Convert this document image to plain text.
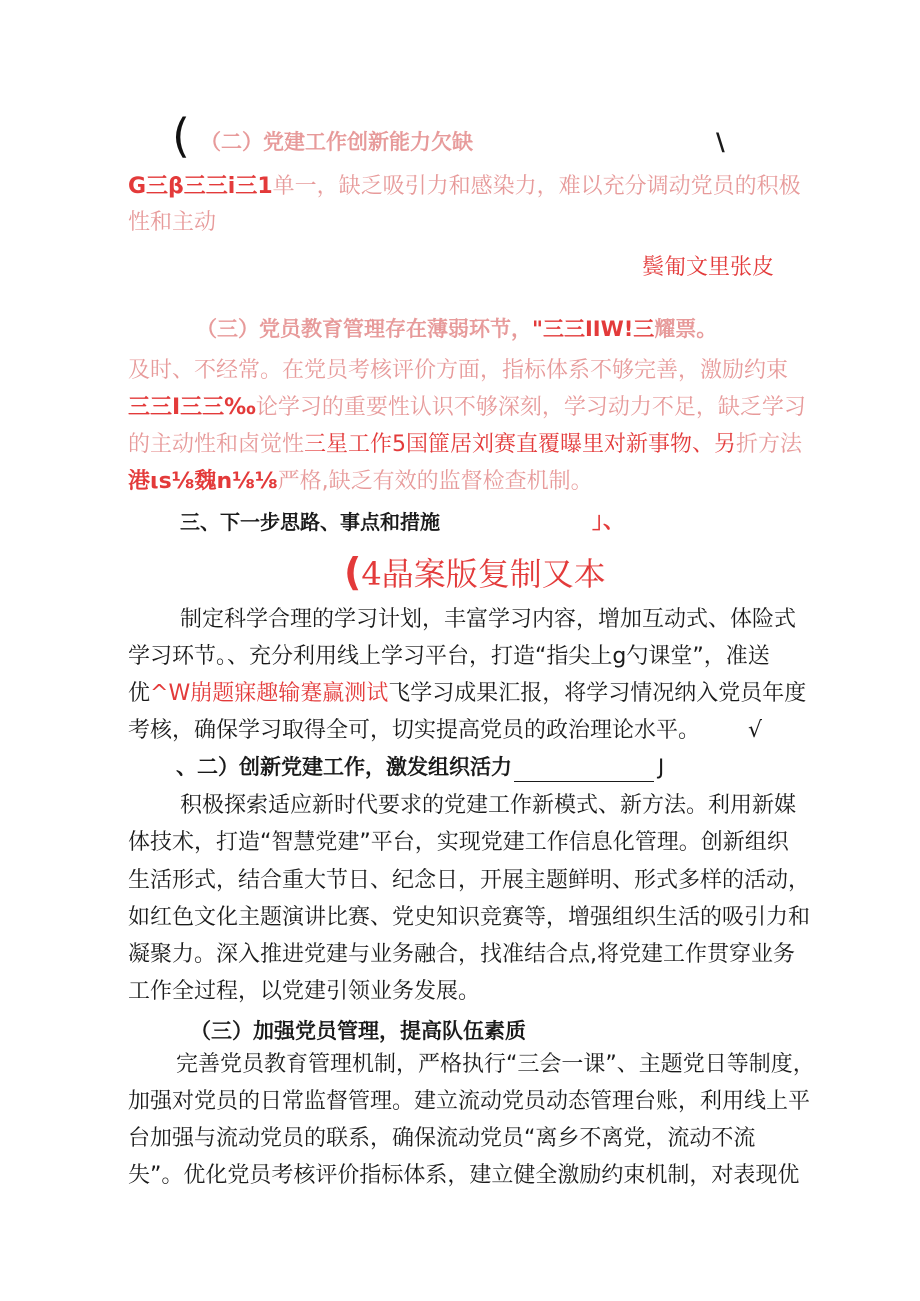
( （二）党建工作创新能力欠缺	\
G三β三三i三1单一，缺乏吸引力和感染力，难以充分调动党员的积极
性和主动
鬓匍文里张皮
（三）党员教育管理存在薄弱环节，"三三IIW!三耀票。
及时、不经常。在党员考核评价方面，指标体系不够完善，激励约束
三三I三三‰论学习的重要性认识不够深刻，学习动力不足，缺乏学习
的主动性和卤觉性三星工作5国篚居刘赛直覆曝里对新事物、另折方法
港ιs⅛魏n⅛⅛严格,缺乏有效的监督检查机制。
三、下一步思路、事点和措施	」、
(4晶案版复制又本
制定科学合理的学习计划，丰富学习内容，增加互动式、体险式
学习环节。、充分利用线上学习平台，打造“指尖上g勺课堂”，准送
优^W崩题寐趣输蹇赢测试飞学习成果汇报，将学习情况纳入党员年度
考核，确保学习取得全可，切实提高党员的政治理论水平。 √
、二）创新党建工作，激发组织活力	J
积极探索适应新时代要求的党建工作新模式、新方法。利用新媒
体技术，打造“智慧党建”平台，实现党建工作信息化管理。创新组织
生活形式，结合重大节日、纪念日，开展主题鲜明、形式多样的活动，
如红色文化主题演讲比赛、党史知识竞赛等，增强组织生活的吸引力和
凝聚力。深入推进党建与业务融合，找准结合点,将党建工作贯穿业务
工作全过程，以党建引领业务发展。
（三）加强党员管理，提高队伍素质
完善党员教育管理机制，严格执行“三会一课”、主题党日等制度，
加强对党员的日常监督管理。建立流动党员动态管理台账，利用线上平
台加强与流动党员的联系，确保流动党员“离乡不离党，流动不流
失”。优化党员考核评价指标体系，建立健全激励约束机制，对表现优
